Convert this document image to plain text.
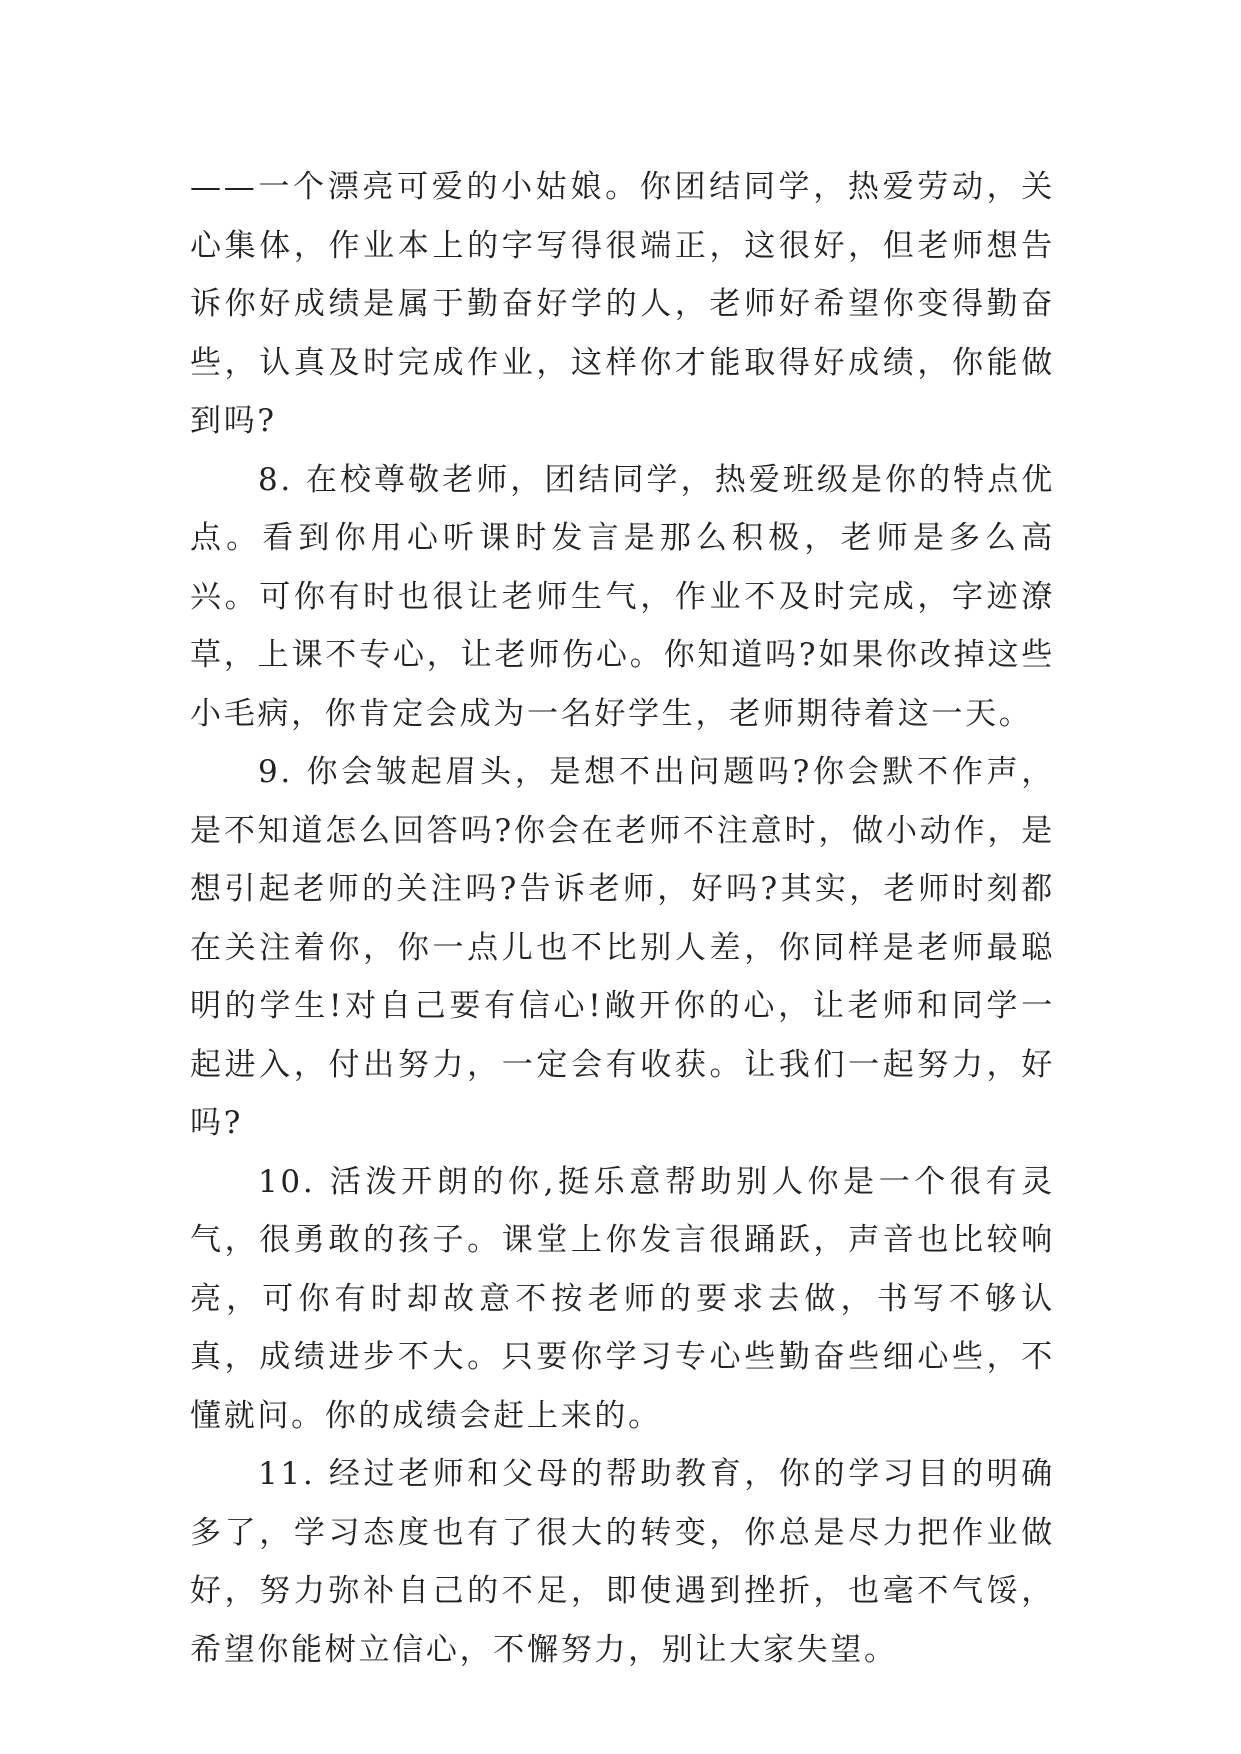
——一个漂亮可爱的小姑娘。你团结同学，热爱劳动，关心集体，作业本上的字写得很端正，这很好，但老师想告诉你好成绩是属于勤奋好学的人，老师好希望你变得勤奋些，认真及时完成作业，这样你才能取得好成绩，你能做到吗?

8. 在校尊敬老师，团结同学，热爱班级是你的特点优点。看到你用心听课时发言是那么积极，老师是多么高兴。可你有时也很让老师生气，作业不及时完成，字迹潦草，上课不专心，让老师伤心。你知道吗?如果你改掉这些小毛病，你肯定会成为一名好学生，老师期待着这一天。

9. 你会皱起眉头，是想不出问题吗?你会默不作声，是不知道怎么回答吗?你会在老师不注意时，做小动作，是想引起老师的关注吗?告诉老师，好吗?其实，老师时刻都在关注着你，你一点儿也不比别人差，你同样是老师最聪明的学生!对自己要有信心!敞开你的心，让老师和同学一起进入，付出努力，一定会有收获。让我们一起努力，好吗?

10. 活泼开朗的你,挺乐意帮助别人你是一个很有灵气，很勇敢的孩子。课堂上你发言很踊跃，声音也比较响亮，可你有时却故意不按老师的要求去做，书写不够认真，成绩进步不大。只要你学习专心些勤奋些细心些，不懂就问。你的成绩会赶上来的。

11. 经过老师和父母的帮助教育，你的学习目的明确多了，学习态度也有了很大的转变，你总是尽力把作业做好，努力弥补自己的不足，即使遇到挫折，也毫不气馁，希望你能树立信心，不懈努力，别让大家失望。
